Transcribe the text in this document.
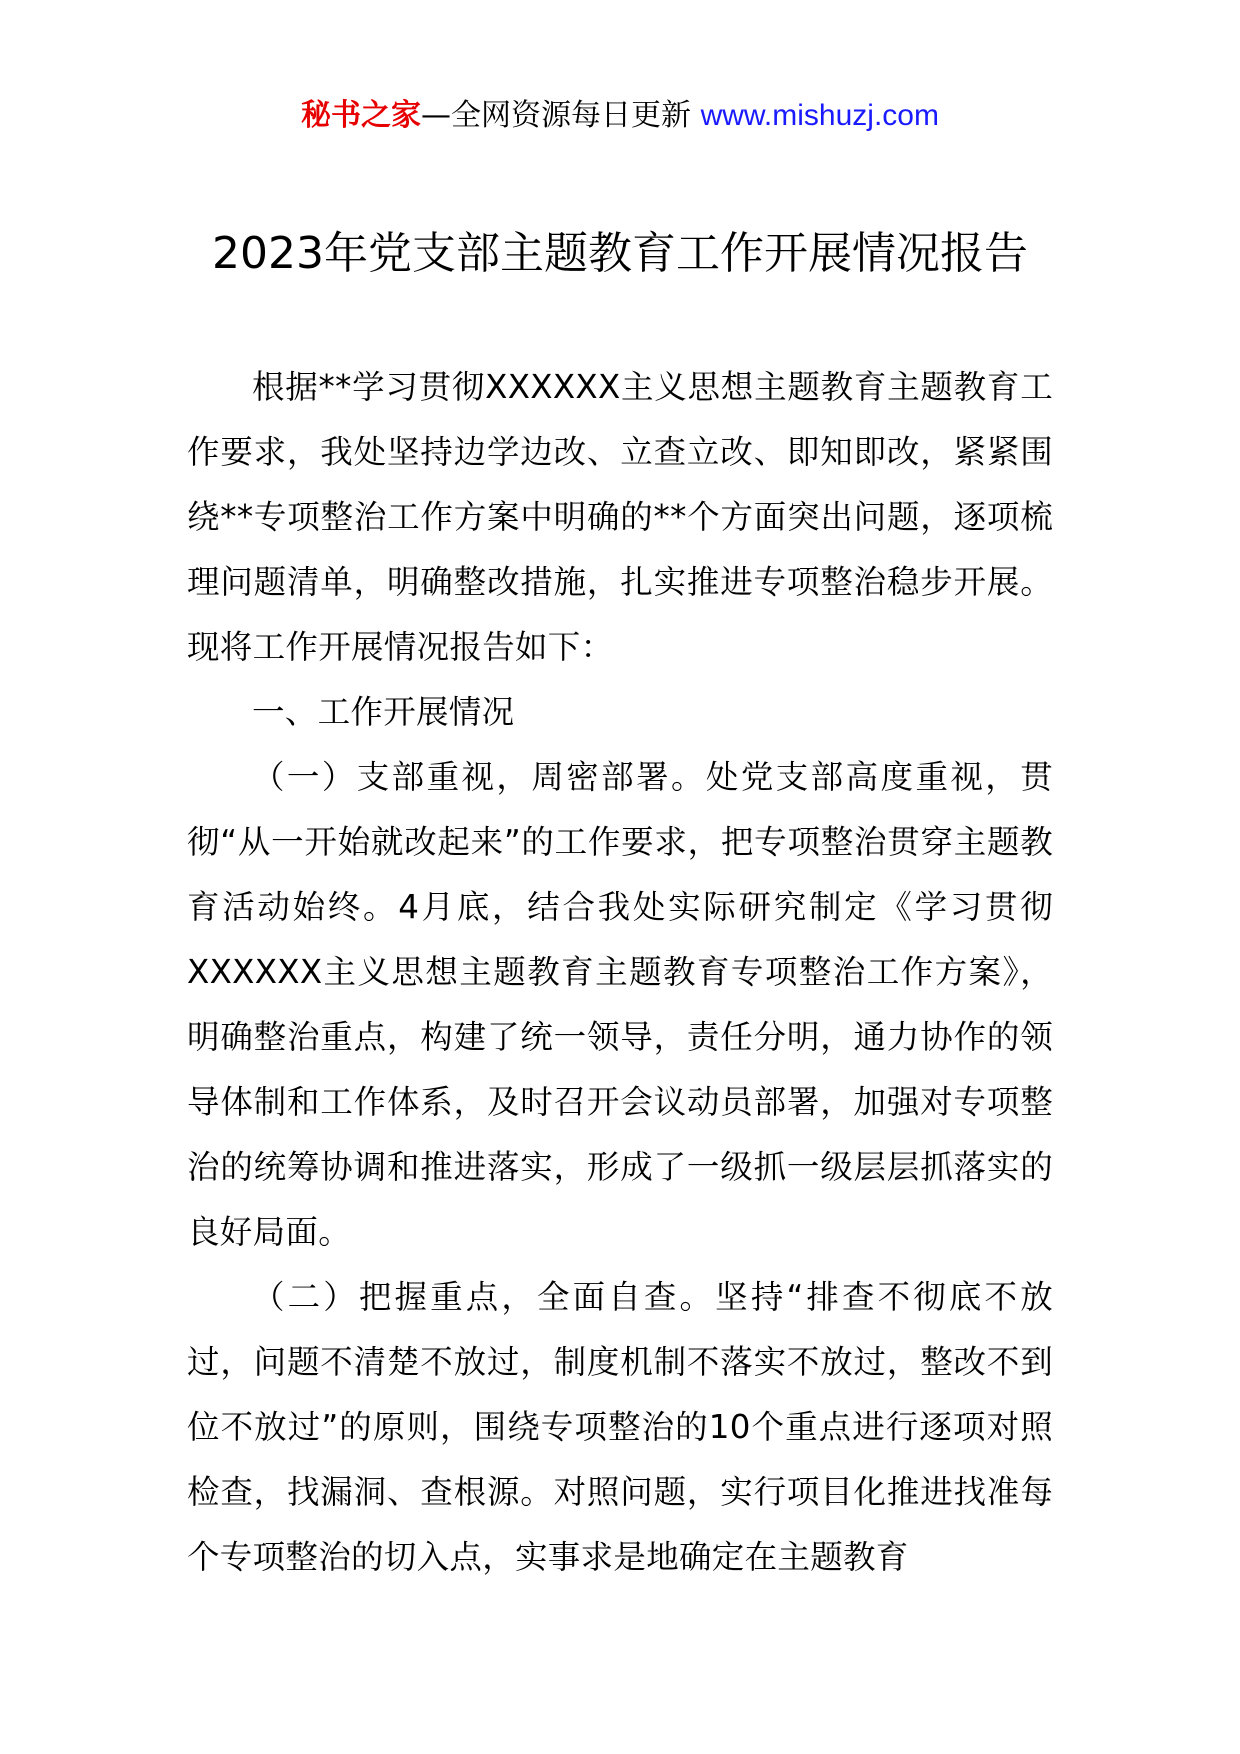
秘书之家—全网资源每日更新 www.mishuzj.com
2023年党支部主题教育工作开展情况报告

根据**学习贯彻XXXXXX主义思想主题教育主题教育工作要求，我处坚持边学边改、立查立改、即知即改，紧紧围绕**专项整治工作方案中明确的**个方面突出问题，逐项梳理问题清单，明确整改措施，扎实推进专项整治稳步开展。现将工作开展情况报告如下：

一、工作开展情况

（一）支部重视，周密部署。处党支部高度重视，贯彻“从一开始就改起来”的工作要求，把专项整治贯穿主题教育活动始终。4月底，结合我处实际研究制定《学习贯彻XXXXXX主义思想主题教育主题教育专项整治工作方案》，明确整治重点，构建了统一领导，责任分明，通力协作的领导体制和工作体系，及时召开会议动员部署，加强对专项整治的统筹协调和推进落实，形成了一级抓一级层层抓落实的良好局面。

（二）把握重点，全面自查。坚持“排查不彻底不放过，问题不清楚不放过，制度机制不落实不放过，整改不到位不放过”的原则，围绕专项整治的10个重点进行逐项对照检查，找漏洞、查根源。对照问题，实行项目化推进找准每个专项整治的切入点，实事求是地确定在主题教育
